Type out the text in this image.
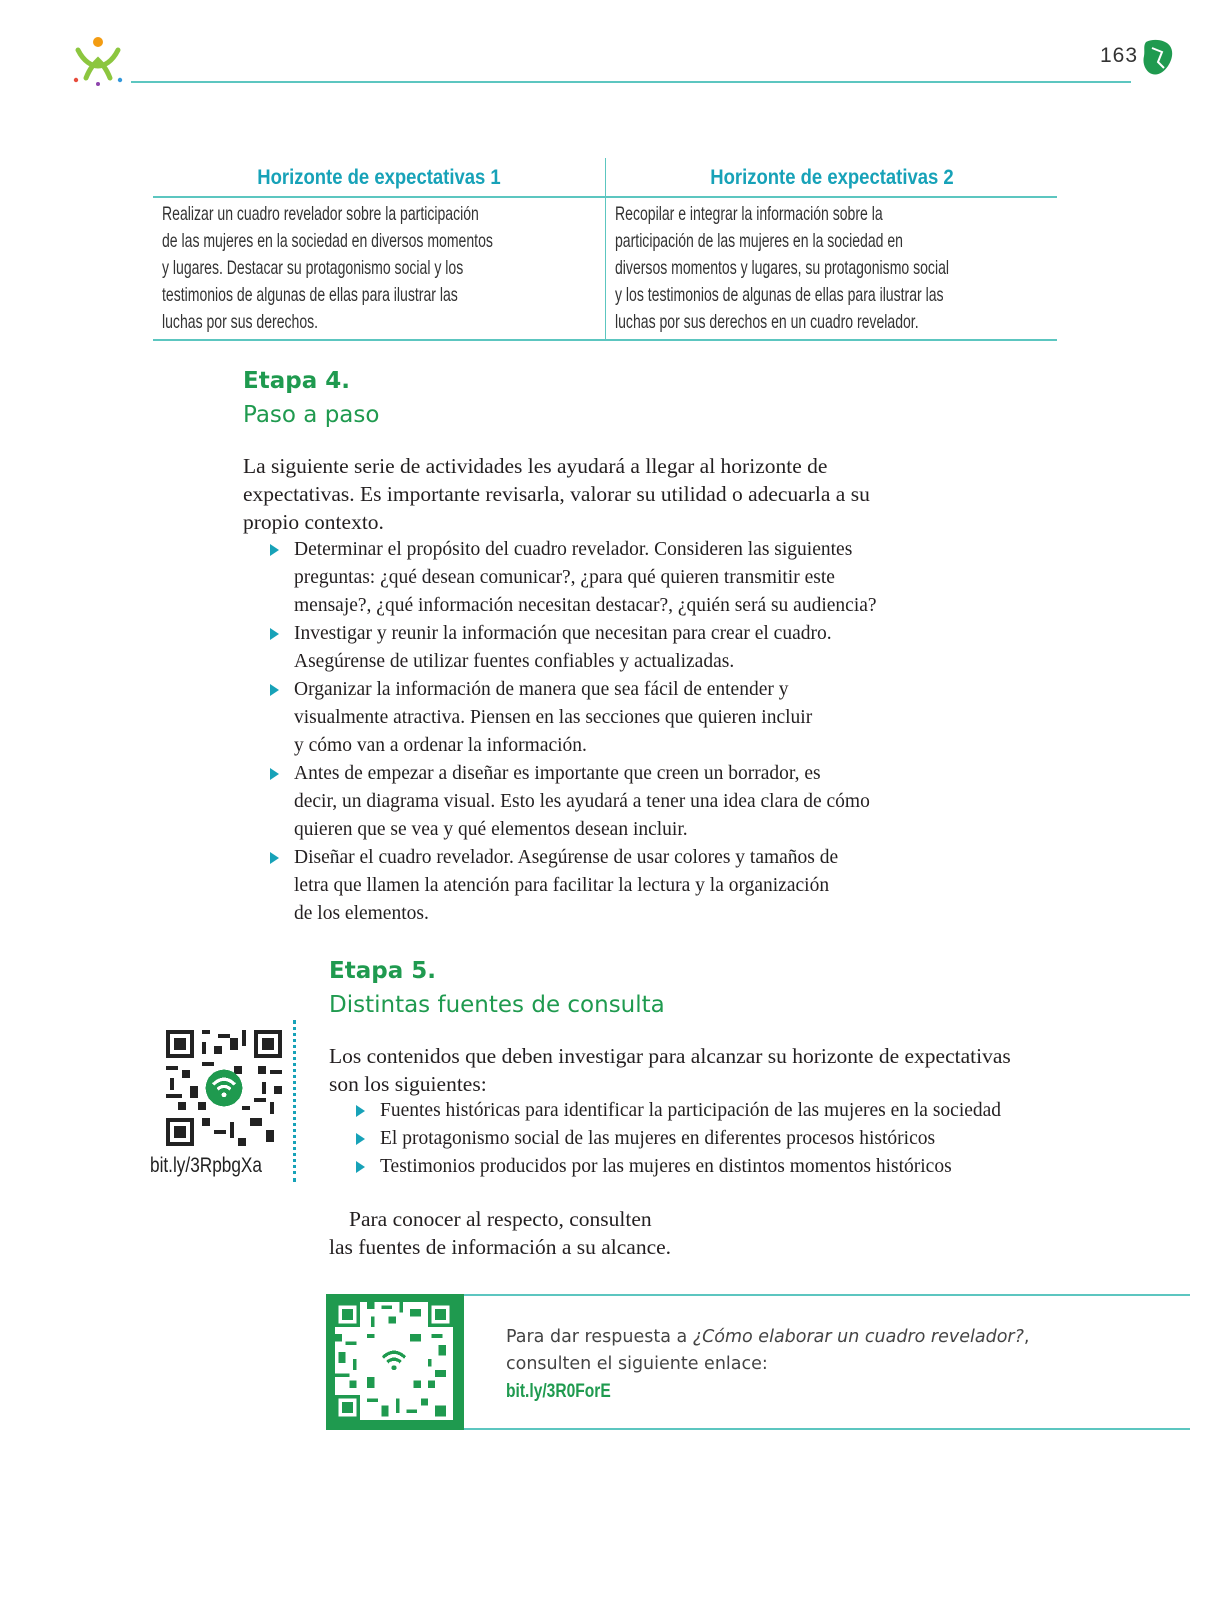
163
Horizonte de expectativas 1
Realizar un cuadro revelador sobre la participación
de las mujeres en la sociedad en diversos momentos
y lugares. Destacar su protagonismo social y los
testimonios de algunas de ellas para ilustrar las
luchas por sus derechos.
Horizonte de expectativas 2
Recopilar e integrar la información sobre la
participación de las mujeres en la sociedad en
diversos momentos y lugares, su protagonismo social
y los testimonios de algunas de ellas para ilustrar las
luchas por sus derechos en un cuadro revelador.
Etapa 4.
Paso a paso
La siguiente serie de actividades les ayudará a llegar al horizonte de
expectativas. Es importante revisarla, valorar su utilidad o adecuarla a su
propio contexto.
Determinar el propósito del cuadro revelador. Consideren las siguientes
preguntas: ¿qué desean comunicar?, ¿para qué quieren transmitir este
mensaje?, ¿qué información necesitan destacar?, ¿quién será su audiencia?
Investigar y reunir la información que necesitan para crear el cuadro.
Asegúrense de utilizar fuentes confiables y actualizadas.
Organizar la información de manera que sea fácil de entender y
visualmente atractiva. Piensen en las secciones que quieren incluir
y cómo van a ordenar la información.
Antes de empezar a diseñar es importante que creen un borrador, es
decir, un diagrama visual. Esto les ayudará a tener una idea clara de cómo
quieren que se vea y qué elementos desean incluir.
Diseñar el cuadro revelador. Asegúrense de usar colores y tamaños de
letra que llamen la atención para facilitar la lectura y la organización
de los elementos.
Etapa 5.
Distintas fuentes de consulta
bit.ly/3RpbgXa
Los contenidos que deben investigar para alcanzar su horizonte de expectativas
son los siguientes:
Fuentes históricas para identificar la participación de las mujeres en la sociedad
El protagonismo social de las mujeres en diferentes procesos históricos
Testimonios producidos por las mujeres en distintos momentos históricos
Para conocer al respecto, consulten
las fuentes de información a su alcance.
Para dar respuesta a ¿Cómo elaborar un cuadro revelador?,
consulten el siguiente enlace:
bit.ly/3R0ForE
